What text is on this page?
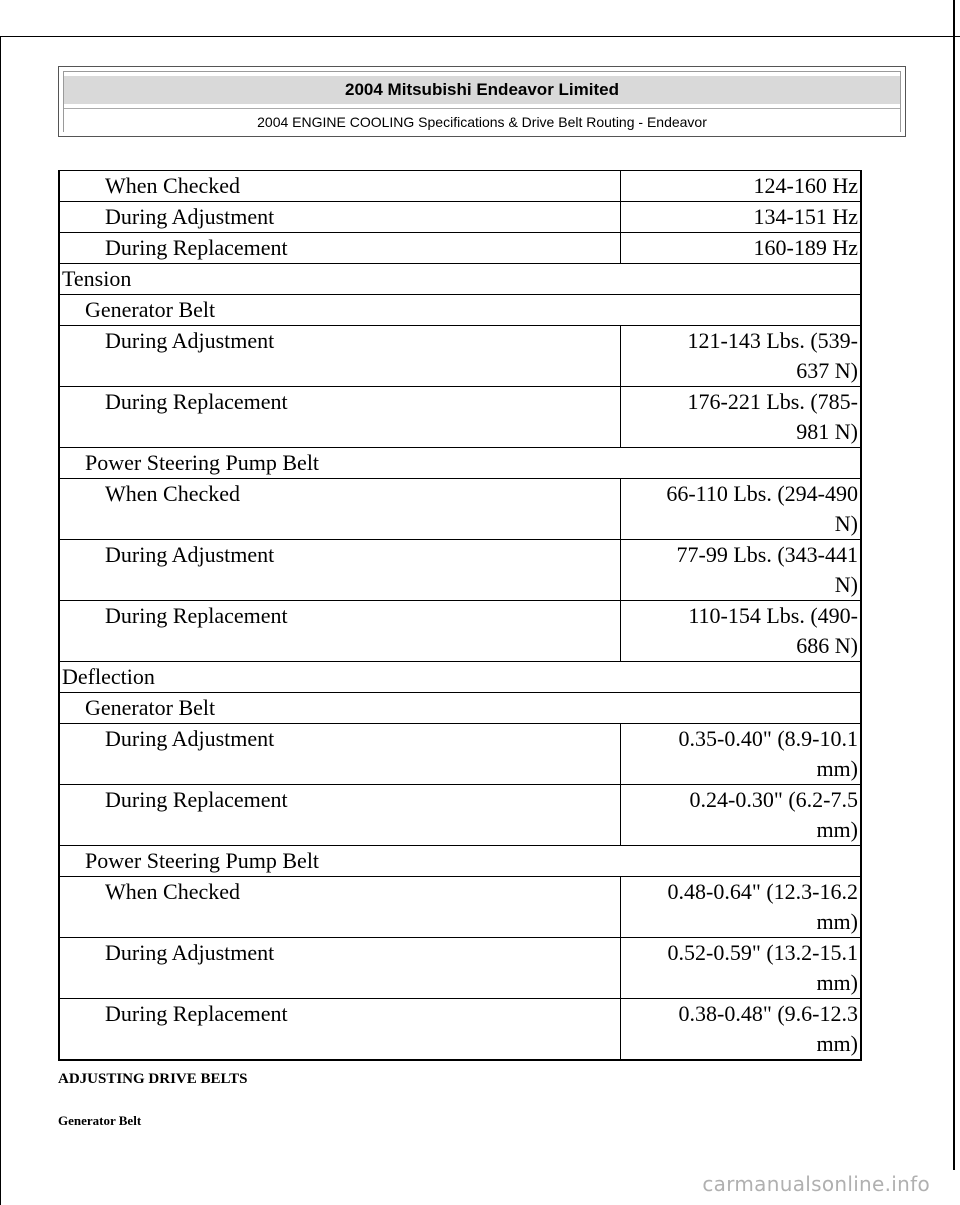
2004 Mitsubishi Endeavor Limited
2004 ENGINE COOLING Specifications & Drive Belt Routing - Endeavor
When Checked	124-160 Hz
During Adjustment	134-151 Hz
During Replacement	160-189 Hz
Tension	
Generator Belt	
During Adjustment	121-143 Lbs. (539-
637 N)

During Replacement	176-221 Lbs. (785-
981 N)

Power Steering Pump Belt	
When Checked	66-110 Lbs. (294-490
N)

During Adjustment	77-99 Lbs. (343-441
N)

During Replacement	110-154 Lbs. (490-
686 N)

Deflection	
Generator Belt	
During Adjustment	0.35-0.40" (8.9-10.1
mm)

During Replacement	0.24-0.30" (6.2-7.5
mm)

Power Steering Pump Belt	
When Checked	0.48-0.64" (12.3-16.2
mm)

During Adjustment	0.52-0.59" (13.2-15.1
mm)

During Replacement	0.38-0.48" (9.6-12.3
mm)
ADJUSTING DRIVE BELTS
Generator Belt
carmanualsonline.info
